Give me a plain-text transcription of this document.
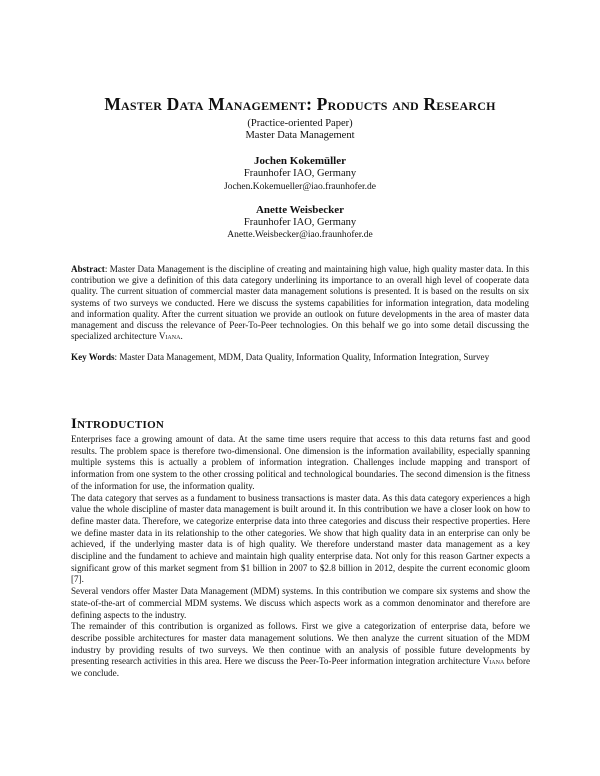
Master Data Management: Products and Research
(Practice-oriented Paper)
Master Data Management
Jochen Kokemüller
Fraunhofer IAO, Germany
Jochen.Kokemueller@iao.fraunhofer.de
Anette Weisbecker
Fraunhofer IAO, Germany
Anette.Weisbecker@iao.fraunhofer.de
Abstract: Master Data Management is the discipline of creating and maintaining high value, high quality master data. In this contribution we give a definition of this data category underlining its importance to an overall high level of cooperate data quality. The current situation of commercial master data management solutions is presented. It is based on the results on six systems of two surveys we conducted. Here we discuss the systems capabilities for information integration, data modeling and information quality. After the current situation we provide an outlook on future developments in the area of master data management and discuss the relevance of Peer-To-Peer technologies. On this behalf we go into some detail discussing the specialized architecture Viana.
Key Words: Master Data Management, MDM, Data Quality, Information Quality, Information Integration, Survey
Introduction

Enterprises face a growing amount of data. At the same time users require that access to this data returns fast and good results. The problem space is therefore two-dimensional. One dimension is the information availability, especially spanning multiple systems this is actually a problem of information integration. Challenges include mapping and transport of information from one system to the other crossing political and technological boundaries. The second dimension is the fitness of the information for use, the information quality.

The data category that serves as a fundament to business transactions is master data. As this data category experiences a high value the whole discipline of master data management is built around it. In this contribution we have a closer look on how to define master data. Therefore, we categorize enterprise data into three categories and discuss their respective properties. Here we define master data in its relationship to the other categories. We show that high quality data in an enterprise can only be achieved, if the underlying master data is of high quality. We therefore understand master data management as a key discipline and the fundament to achieve and maintain high quality enterprise data. Not only for this reason Gartner expects a significant grow of this market segment from $1 billion in 2007 to $2.8 billion in 2012, despite the current economic gloom [7].

Several vendors offer Master Data Management (MDM) systems. In this contribution we compare six systems and show the state-of-the-art of commercial MDM systems. We discuss which aspects work as a common denominator and therefore are defining aspects to the industry.

The remainder of this contribution is organized as follows. First we give a categorization of enterprise data, before we describe possible architectures for master data management solutions. We then analyze the current situation of the MDM industry by providing results of two surveys. We then continue with an analysis of possible future developments by presenting research activities in this area. Here we discuss the Peer-To-Peer information integration architecture Viana before we conclude.
